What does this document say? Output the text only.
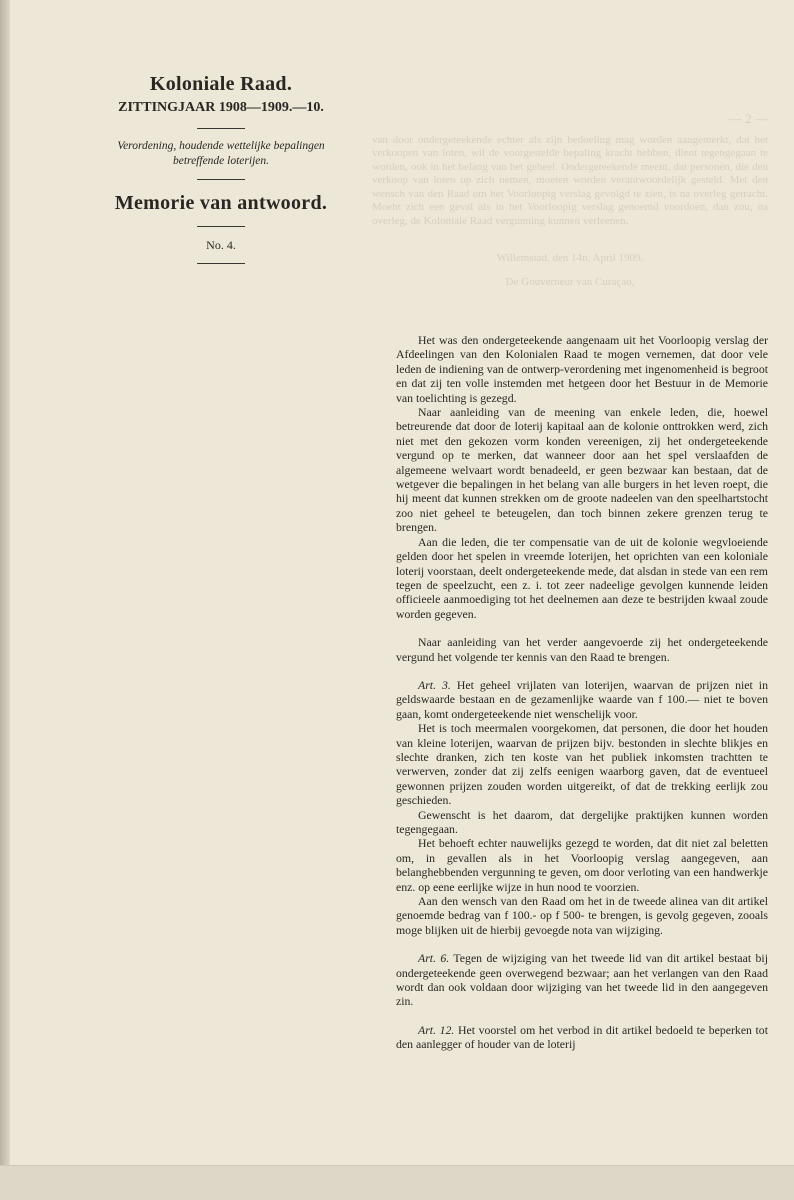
Koloniale Raad.

ZITTINGJAAR 1908—1909.—10.

Verordening, houdende wettelijke bepalingen

betreffende loterijen.

Memorie van antwoord.

No. 4.

— 2 —

van door ondergeteekende echter als zijn bedoeling mag worden aangemerkt, dat het verkoopen van loten, wil de voorgestelde bepaling kracht hebben, dient tegengegaan te worden, ook in het belang van het geheel. Ondergeteekende meent, dat personen, die den verkoop van loten op zich nemen, moeten worden verantwoordelijk gesteld. Met den wensch van den Raad om het Voorloopig verslag gevolgd te zien, is na overleg getracht. Moeht zich een geval als in het Voorloopig verslag genoemd voordoen, dan zou, na overleg, de Koloniale Raad vergunning kunnen verleenen.

Willemstad, den 14n. April 1909.
De Gouverneur van Curaçao,

Het was den ondergeteekende aangenaam uit het Voorloopig verslag der Afdeelingen van den Kolonialen Raad te mogen vernemen, dat door vele leden de indiening van de ontwerp-verordening met ingenomenheid is begroot en dat zij ten volle instemden met hetgeen door het Bestuur in de Memorie van toelichting is gezegd.

Naar aanleiding van de meening van enkele leden, die, hoewel betreurende dat door de loterij kapitaal aan de kolonie onttrokken werd, zich niet met den gekozen vorm konden vereenigen, zij het ondergeteekende vergund op te merken, dat wanneer door aan het spel verslaafden de algemeene welvaart wordt benadeeld, er geen bezwaar kan bestaan, dat de wetgever die bepalingen in het belang van alle burgers in het leven roept, die hij meent dat kunnen strekken om de groote nadeelen van den speelhartstocht zoo niet geheel te beteugelen, dan toch binnen zekere grenzen terug te brengen.

Aan die leden, die ter compensatie van de uit de kolonie wegvloeiende gelden door het spelen in vreemde loterijen, het oprichten van een koloniale loterij voorstaan, deelt ondergeteekende mede, dat alsdan in stede van een rem tegen de speelzucht, een z. i. tot zeer nadeelige gevolgen kunnende leiden officieele aanmoediging tot het deelnemen aan deze te bestrijden kwaal zoude worden gegeven.

Naar aanleiding van het verder aangevoerde zij het ondergeteekende vergund het volgende ter kennis van den Raad te brengen.

Art. 3. Het geheel vrijlaten van loterijen, waarvan de prijzen niet in geldswaarde bestaan en de gezamenlijke waarde van f 100.— niet te boven gaan, komt ondergeteekende niet wenschelijk voor.

Het is toch meermalen voorgekomen, dat personen, die door het houden van kleine loterijen, waarvan de prijzen bijv. bestonden in slechte blikjes en slechte dranken, zich ten koste van het publiek inkomsten trachtten te verwerven, zonder dat zij zelfs eenigen waarborg gaven, dat de eventueel gewonnen prijzen zouden worden uitgereikt, of dat de trekking eerlijk zou geschieden.

Gewenscht is het daarom, dat dergelijke praktijken kunnen worden tegengegaan.

Het behoeft echter nauwelijks gezegd te worden, dat dit niet zal beletten om, in gevallen als in het Voorloopig verslag aangegeven, aan belanghebbenden vergunning te geven, om door verloting van een handwerkje enz. op eene eerlijke wijze in hun nood te voorzien.

Aan den wensch van den Raad om het in de tweede alinea van dit artikel genoemde bedrag van f 100.- op f 500- te brengen, is gevolg gegeven, zooals moge blijken uit de hierbij gevoegde nota van wijziging.

Art. 6. Tegen de wijziging van het tweede lid van dit artikel bestaat bij ondergeteekende geen overwegend bezwaar; aan het verlangen van den Raad wordt dan ook voldaan door wijziging van het tweede lid in den aangegeven zin.

Art. 12. Het voorstel om het verbod in dit artikel bedoeld te beperken tot den aanlegger of houder van de loterij
